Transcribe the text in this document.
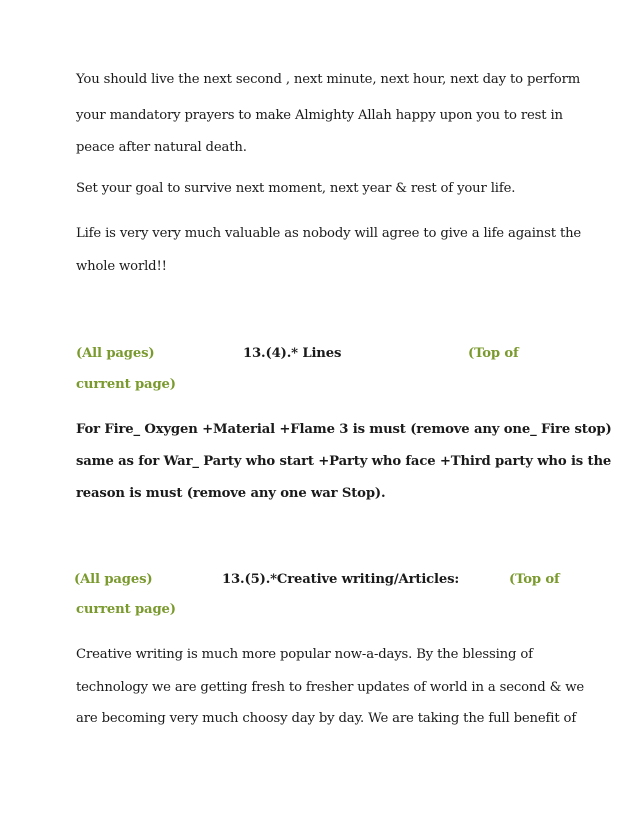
You should live the next second , next minute, next hour, next day to perform
your mandatory prayers to make Almighty Allah happy upon you to rest in
peace after natural death.
Set your goal to survive next moment, next year & rest of your life.
Life is very very much valuable as nobody will agree to give a life against the
whole world!!
(All pages)	13.(4).* Lines	(Top of
current page)
For Fire_ Oxygen +Material +Flame 3 is must (remove any one_ Fire stop)
same as for War_ Party who start +Party who face +Third party who is the
reason is must (remove any one war Stop).
(All pages)	13.(5).*Creative writing/Articles:	(Top of
current page)
Creative writing is much more popular now-a-days. By the blessing of
technology we are getting fresh to fresher updates of world in a second & we
are becoming very much choosy day by day. We are taking the full benefit of
